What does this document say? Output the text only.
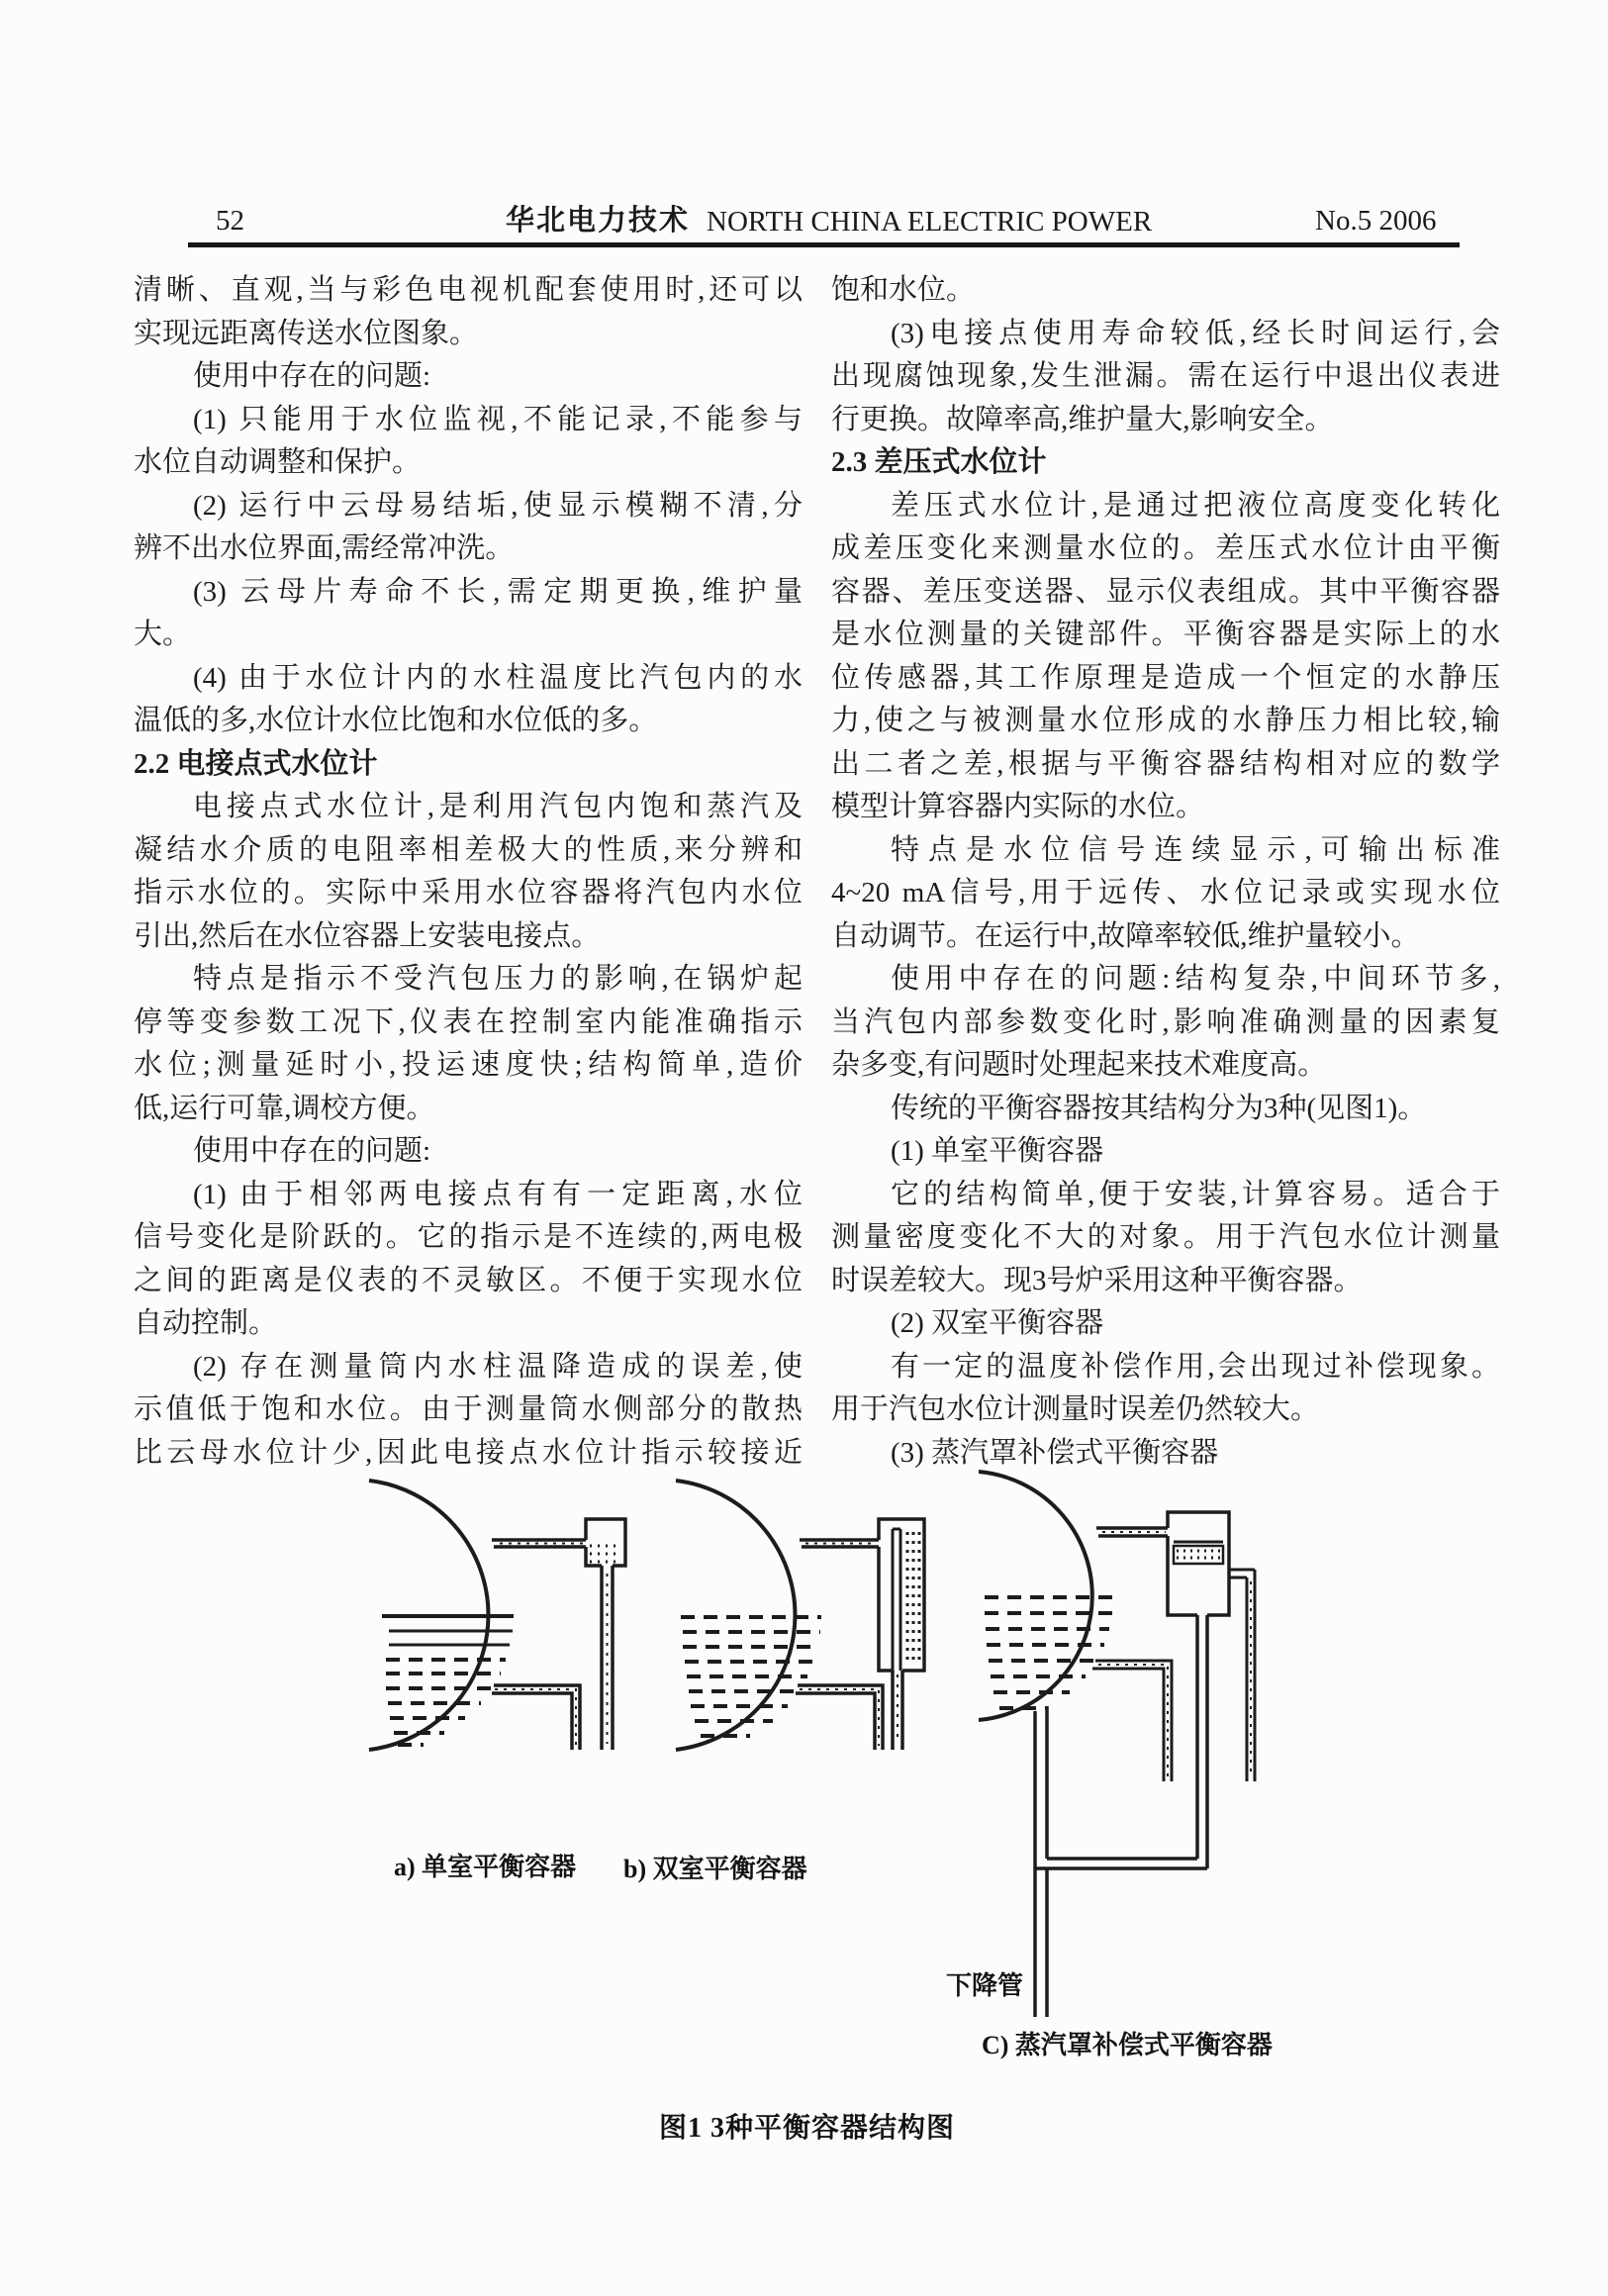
52	华北电力技术 NORTH CHINA ELECTRIC POWER	No.5 2006
清晰、直观,当与彩色电视机配套使用时,还可以
实现远距离传送水位图象。
使用中存在的问题:
(1) 只能用于水位监视,不能记录,不能参与
水位自动调整和保护。
(2) 运行中云母易结垢,使显示模糊不清,分
辨不出水位界面,需经常冲洗。
(3) 云母片寿命不长,需定期更换,维护量
大。
(4) 由于水位计内的水柱温度比汽包内的水
温低的多,水位计水位比饱和水位低的多。
2.2 电接点式水位计
电接点式水位计,是利用汽包内饱和蒸汽及
凝结水介质的电阻率相差极大的性质,来分辨和
指示水位的。实际中采用水位容器将汽包内水位
引出,然后在水位容器上安装电接点。
特点是指示不受汽包压力的影响,在锅炉起
停等变参数工况下,仪表在控制室内能准确指示
水位;测量延时小,投运速度快;结构简单,造价
低,运行可靠,调校方便。
使用中存在的问题:
(1) 由于相邻两电接点有有一定距离,水位
信号变化是阶跃的。它的指示是不连续的,两电极
之间的距离是仪表的不灵敏区。不便于实现水位
自动控制。
(2) 存在测量筒内水柱温降造成的误差,使
示值低于饱和水位。由于测量筒水侧部分的散热
比云母水位计少,因此电接点水位计指示较接近
饱和水位。
(3)电接点使用寿命较低,经长时间运行,会
出现腐蚀现象,发生泄漏。需在运行中退出仪表进
行更换。故障率高,维护量大,影响安全。
2.3 差压式水位计
差压式水位计,是通过把液位高度变化转化
成差压变化来测量水位的。差压式水位计由平衡
容器、差压变送器、显示仪表组成。其中平衡容器
是水位测量的关键部件。平衡容器是实际上的水
位传感器,其工作原理是造成一个恒定的水静压
力,使之与被测量水位形成的水静压力相比较,输
出二者之差,根据与平衡容器结构相对应的数学
模型计算容器内实际的水位。
特点是水位信号连续显示,可输出标准
4~20 mA信号,用于远传、水位记录或实现水位
自动调节。在运行中,故障率较低,维护量较小。
使用中存在的问题:结构复杂,中间环节多,
当汽包内部参数变化时,影响准确测量的因素复
杂多变,有问题时处理起来技术难度高。
传统的平衡容器按其结构分为3种(见图1)。
(1) 单室平衡容器
它的结构简单,便于安装,计算容易。适合于
测量密度变化不大的对象。用于汽包水位计测量
时误差较大。现3号炉采用这种平衡容器。
(2) 双室平衡容器
有一定的温度补偿作用,会出现过补偿现象。
用于汽包水位计测量时误差仍然较大。
(3) 蒸汽罩补偿式平衡容器
a) 单室平衡容器 b) 双室平衡容器
下降管
C) 蒸汽罩补偿式平衡容器
图1 3种平衡容器结构图
